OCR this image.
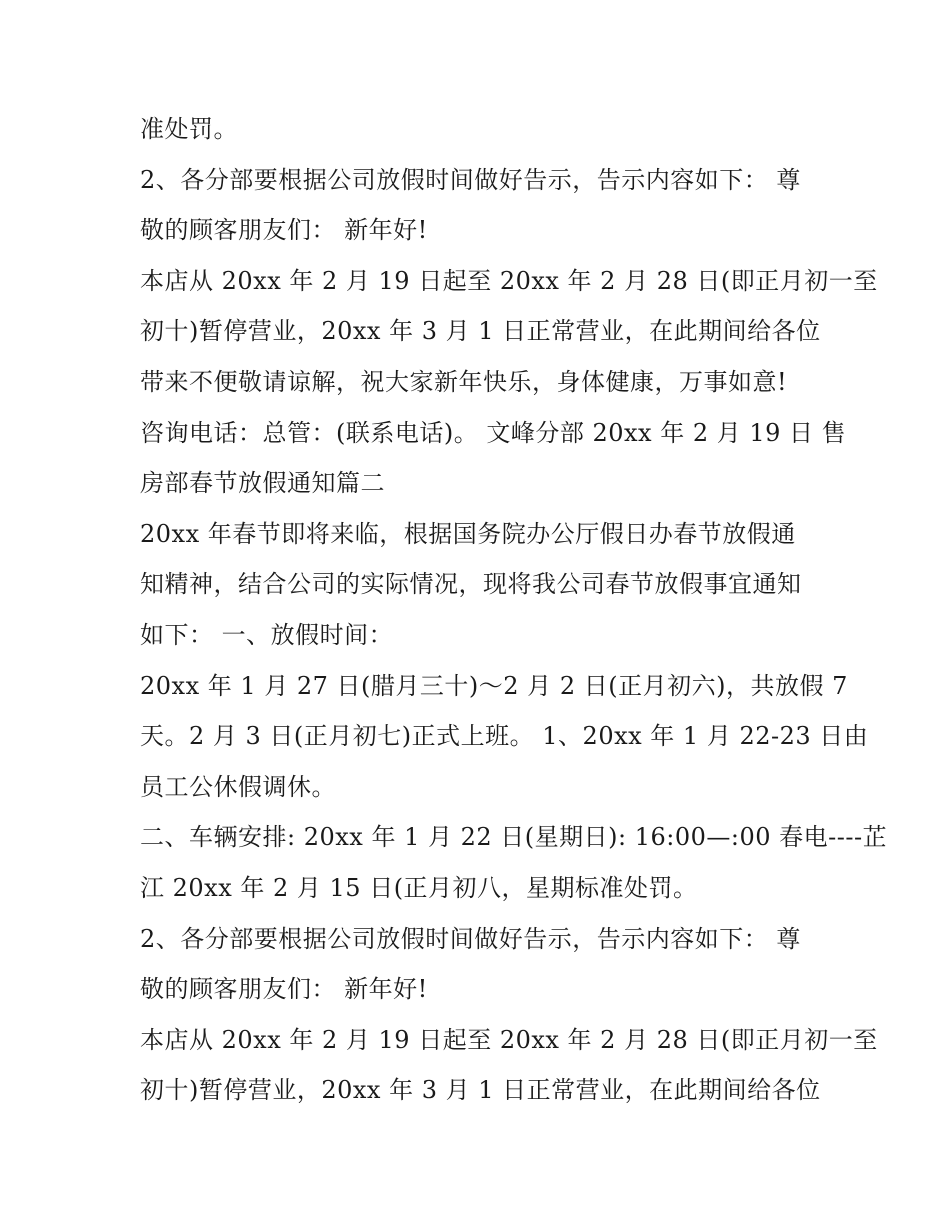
准处罚。
2、各分部要根据公司放假时间做好告示，告示内容如下： 尊
敬的顾客朋友们： 新年好!
本店从 20xx 年 2 月 19 日起至 20xx 年 2 月 28 日(即正月初一至
初十)暂停营业，20xx 年 3 月 1 日正常营业，在此期间给各位
带来不便敬请谅解，祝大家新年快乐，身体健康，万事如意!
咨询电话：总管：(联系电话)。 文峰分部 20xx 年 2 月 19 日 售
房部春节放假通知篇二
20xx 年春节即将来临，根据国务院办公厅假日办春节放假通
知精神，结合公司的实际情况，现将我公司春节放假事宜通知
如下： 一、放假时间：
20xx 年 1 月 27 日(腊月三十)～2 月 2 日(正月初六)，共放假 7
天。2 月 3 日(正月初七)正式上班。 1、20xx 年 1 月 22-23 日由
员工公休假调休。
二、车辆安排: 20xx 年 1 月 22 日(星期日): 16:00—:00 春电----芷
江 20xx 年 2 月 15 日(正月初八，星期标准处罚。
2、各分部要根据公司放假时间做好告示，告示内容如下： 尊
敬的顾客朋友们： 新年好!
本店从 20xx 年 2 月 19 日起至 20xx 年 2 月 28 日(即正月初一至
初十)暂停营业，20xx 年 3 月 1 日正常营业，在此期间给各位
